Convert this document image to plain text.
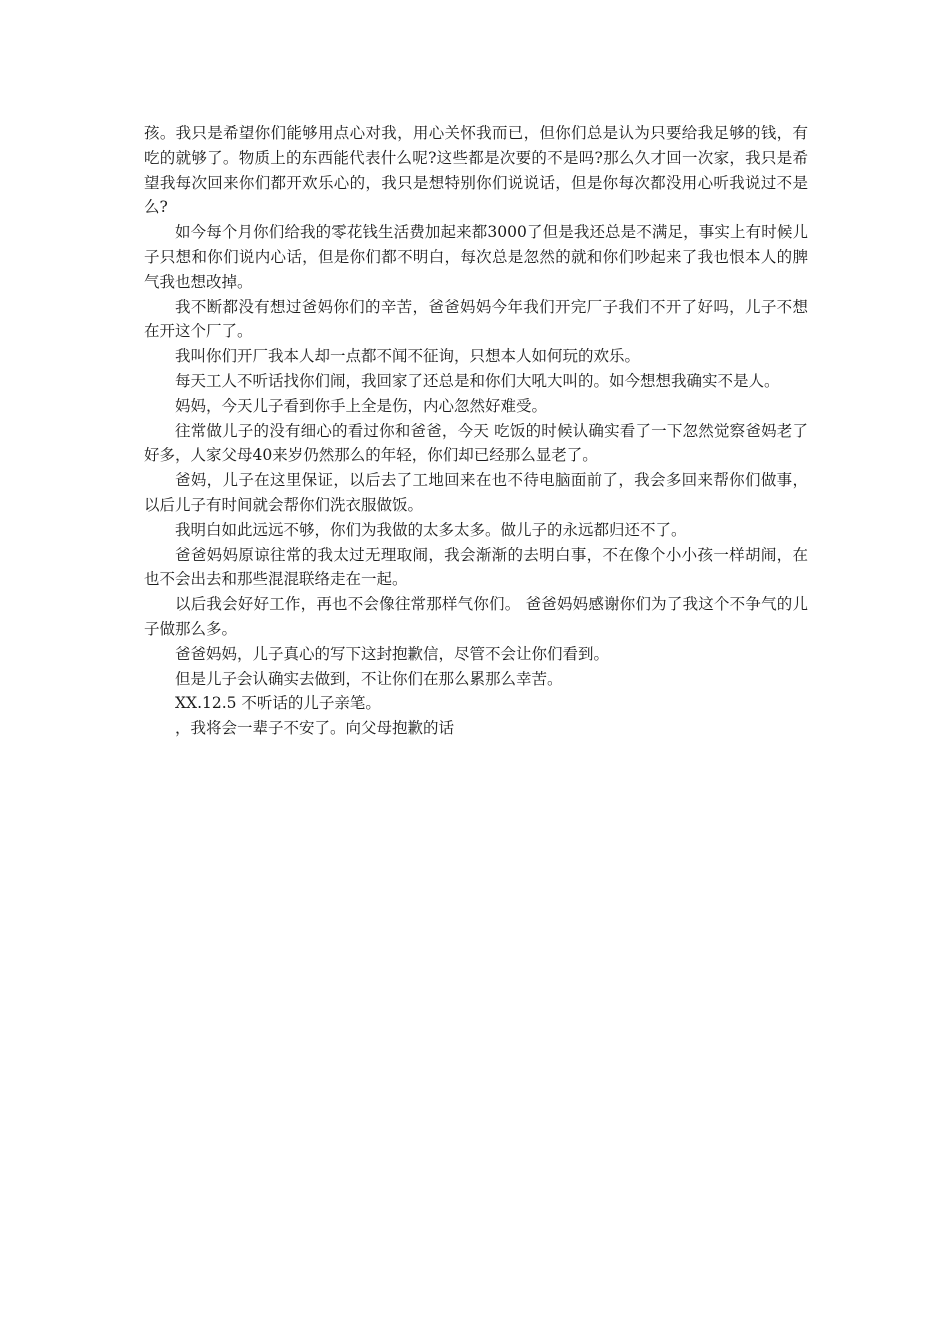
孩。我只是希望你们能够用点心对我，用心关怀我而已，但你们总是认为只要给我足够的钱，有吃的就够了。物质上的东西能代表什么呢?这些都是次要的不是吗?那么久才回一次家，我只是希望我每次回来你们都开欢乐心的，我只是想特别你们说说话，但是你每次都没用心听我说过不是么?

如今每个月你们给我的零花钱生活费加起来都3000了但是我还总是不满足，事实上有时候儿子只想和你们说内心话，但是你们都不明白，每次总是忽然的就和你们吵起来了我也恨本人的脾气我也想改掉。

我不断都没有想过爸妈你们的辛苦，爸爸妈妈今年我们开完厂子我们不开了好吗，儿子不想在开这个厂了。

我叫你们开厂我本人却一点都不闻不征询，只想本人如何玩的欢乐。

每天工人不听话找你们闹，我回家了还总是和你们大吼大叫的。如今想想我确实不是人。

妈妈，今天儿子看到你手上全是伤，内心忽然好难受。

往常做儿子的没有细心的看过你和爸爸，今天 吃饭的时候认确实看了一下忽然觉察爸妈老了好多，人家父母40来岁仍然那么的年轻，你们却已经那么显老了。

爸妈，儿子在这里保证，以后去了工地回来在也不待电脑面前了，我会多回来帮你们做事，以后儿子有时间就会帮你们洗衣服做饭。

我明白如此远远不够，你们为我做的太多太多。做儿子的永远都归还不了。

爸爸妈妈原谅往常的我太过无理取闹，我会渐渐的去明白事，不在像个小小孩一样胡闹，在也不会出去和那些混混联络走在一起。

以后我会好好工作，再也不会像往常那样气你们。 爸爸妈妈感谢你们为了我这个不争气的儿子做那么多。

爸爸妈妈，儿子真心的写下这封抱歉信，尽管不会让你们看到。

但是儿子会认确实去做到，不让你们在那么累那么幸苦。

XX.12.5 不听话的儿子亲笔。

，我将会一辈子不安了。向父母抱歉的话
